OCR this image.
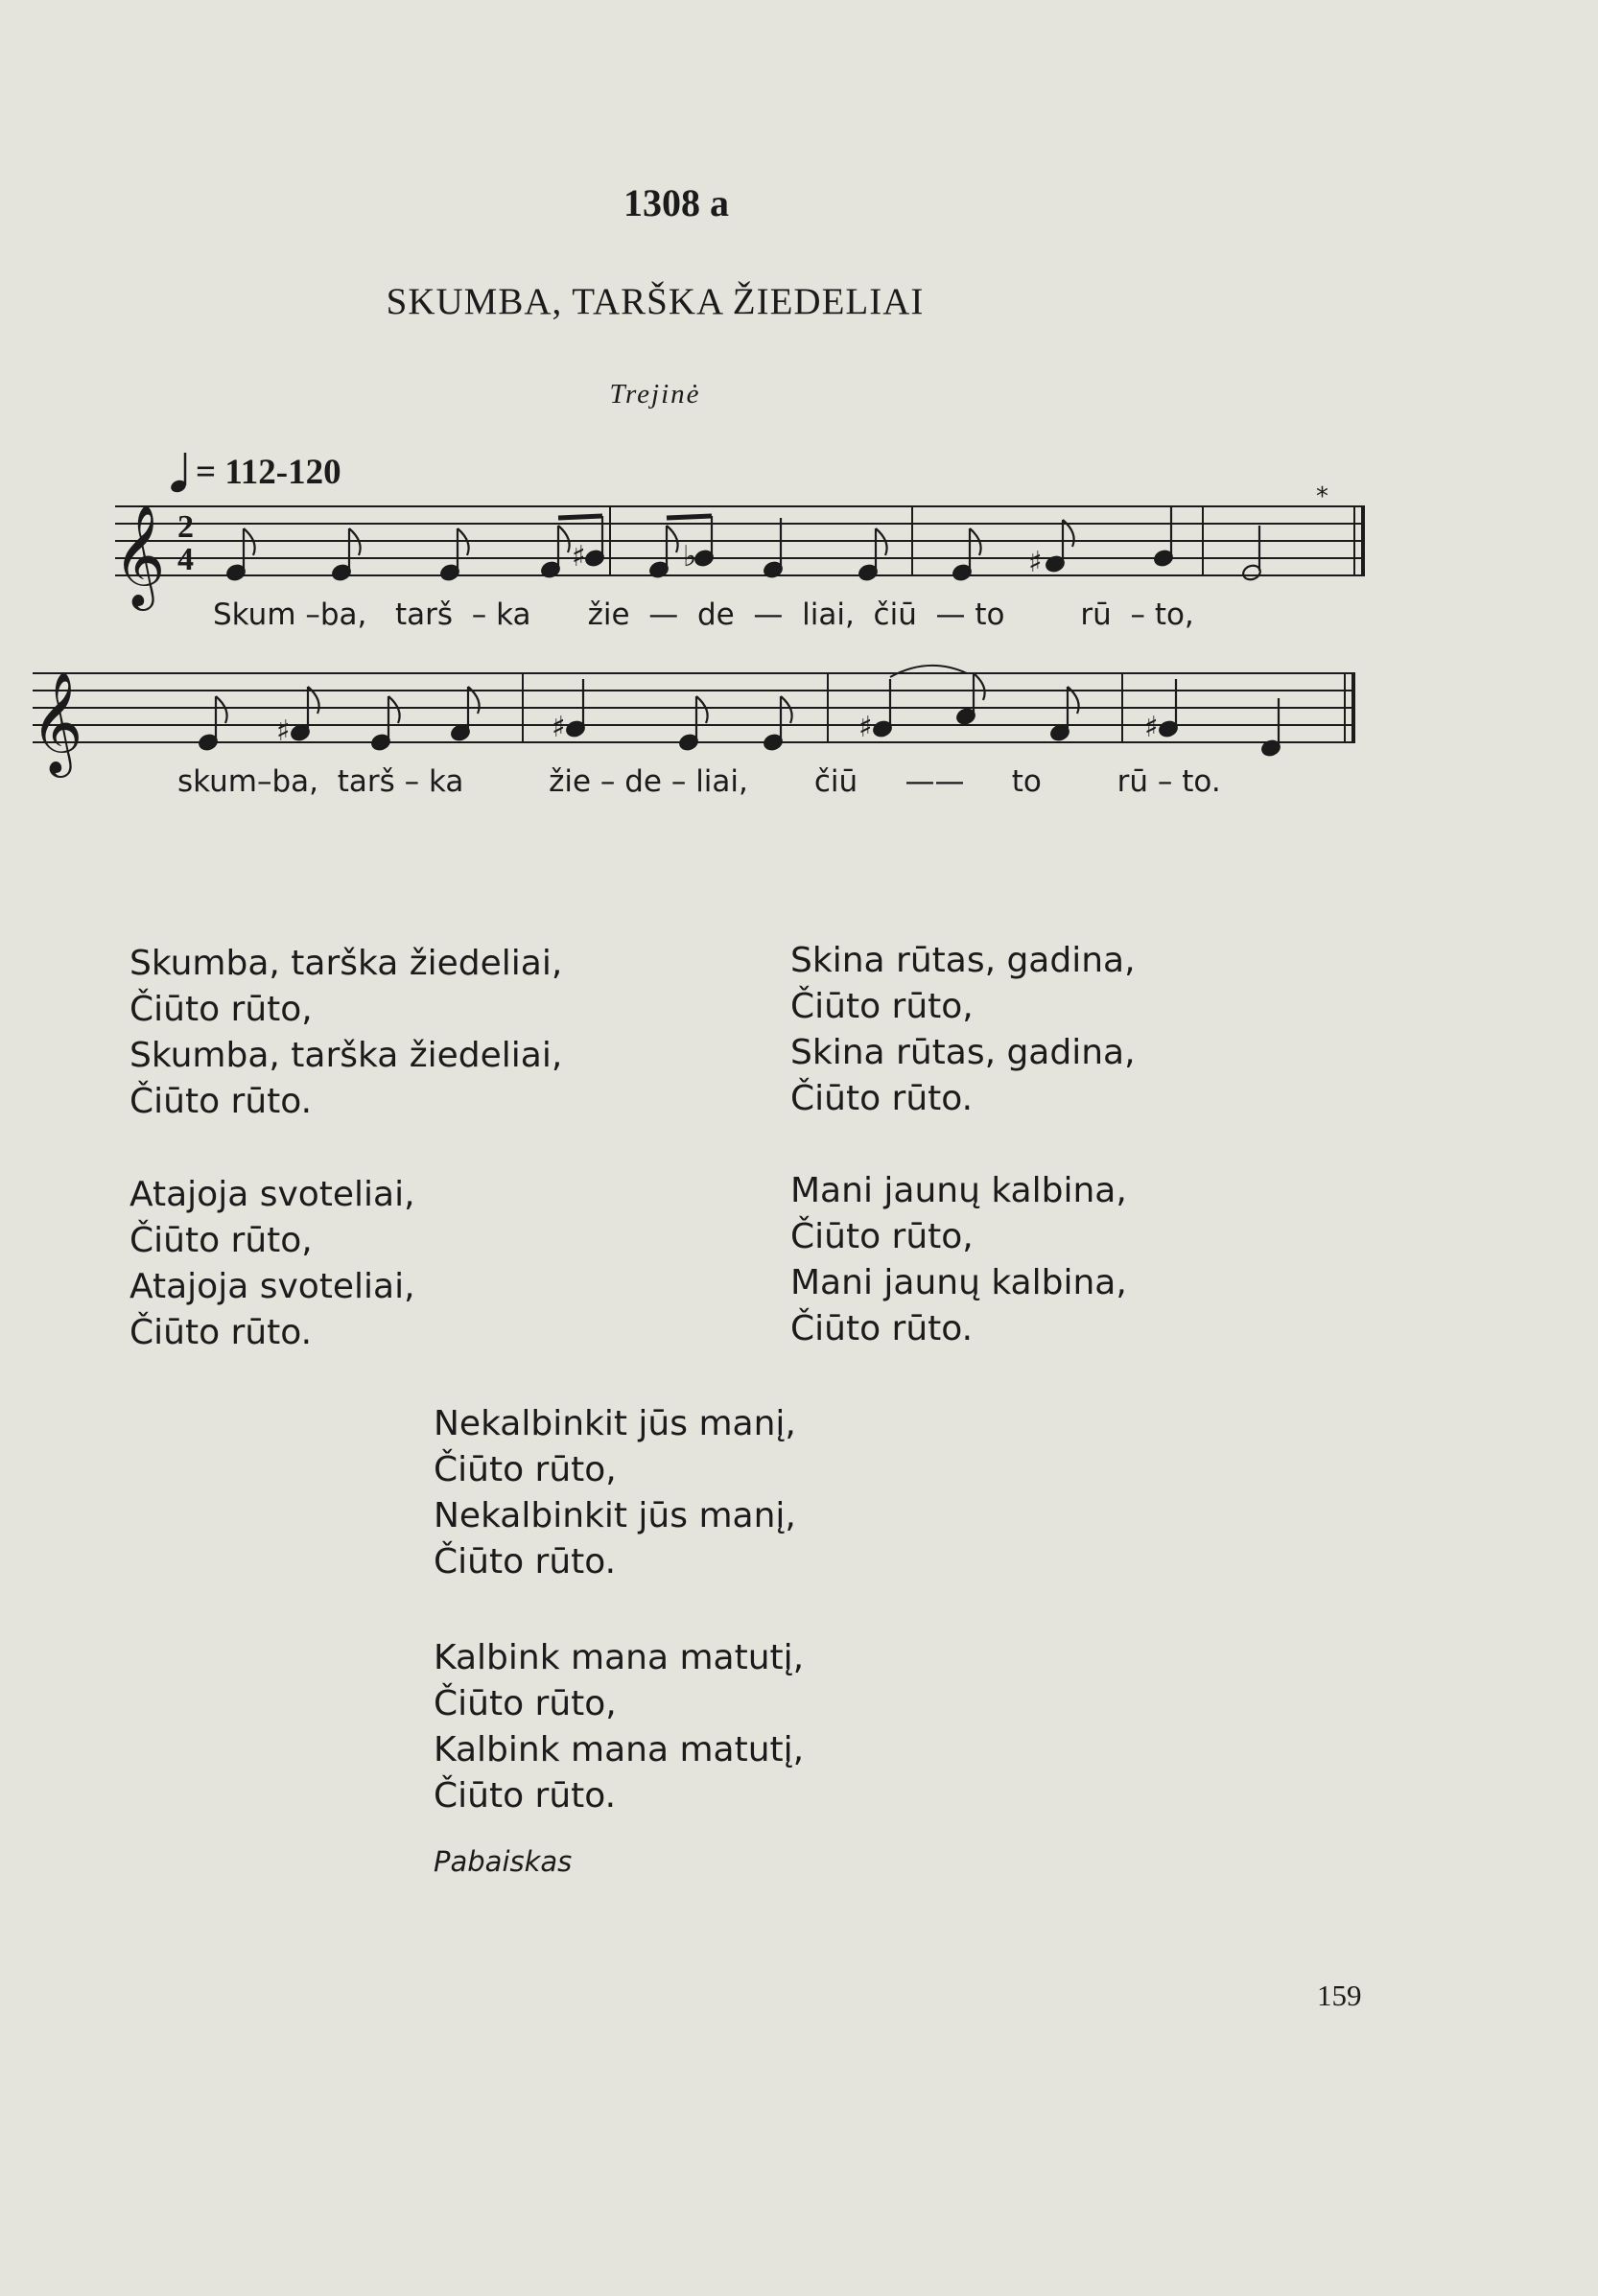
1308 a
SKUMBA, TARŠKA ŽIEDELIAI
Trejinė
= 112-120
𝄞
𝄞
2
4	♯	♭	♯
*
♯	♯	♯	♯
Skum –ba,   tarš  – ka      žie  —  de  —  liai,  čiū  — to        rū  – to,
skum–ba,  tarš – ka         žie – de – liai,       čiū     ——     to        rū – to.
Skumba, tarška žiedeliai,
Čiūto rūto,
Skumba, tarška žiedeliai,
Čiūto rūto.
Atajoja svoteliai,
Čiūto rūto,
Atajoja svoteliai,
Čiūto rūto.
Skina rūtas, gadina,
Čiūto rūto,
Skina rūtas, gadina,
Čiūto rūto.
Mani jaunų kalbina,
Čiūto rūto,
Mani jaunų kalbina,
Čiūto rūto.
Nekalbinkit jūs manį,
Čiūto rūto,
Nekalbinkit jūs manį,
Čiūto rūto.
Kalbink mana matutį,
Čiūto rūto,
Kalbink mana matutį,
Čiūto rūto.
Pabaiskas
159
